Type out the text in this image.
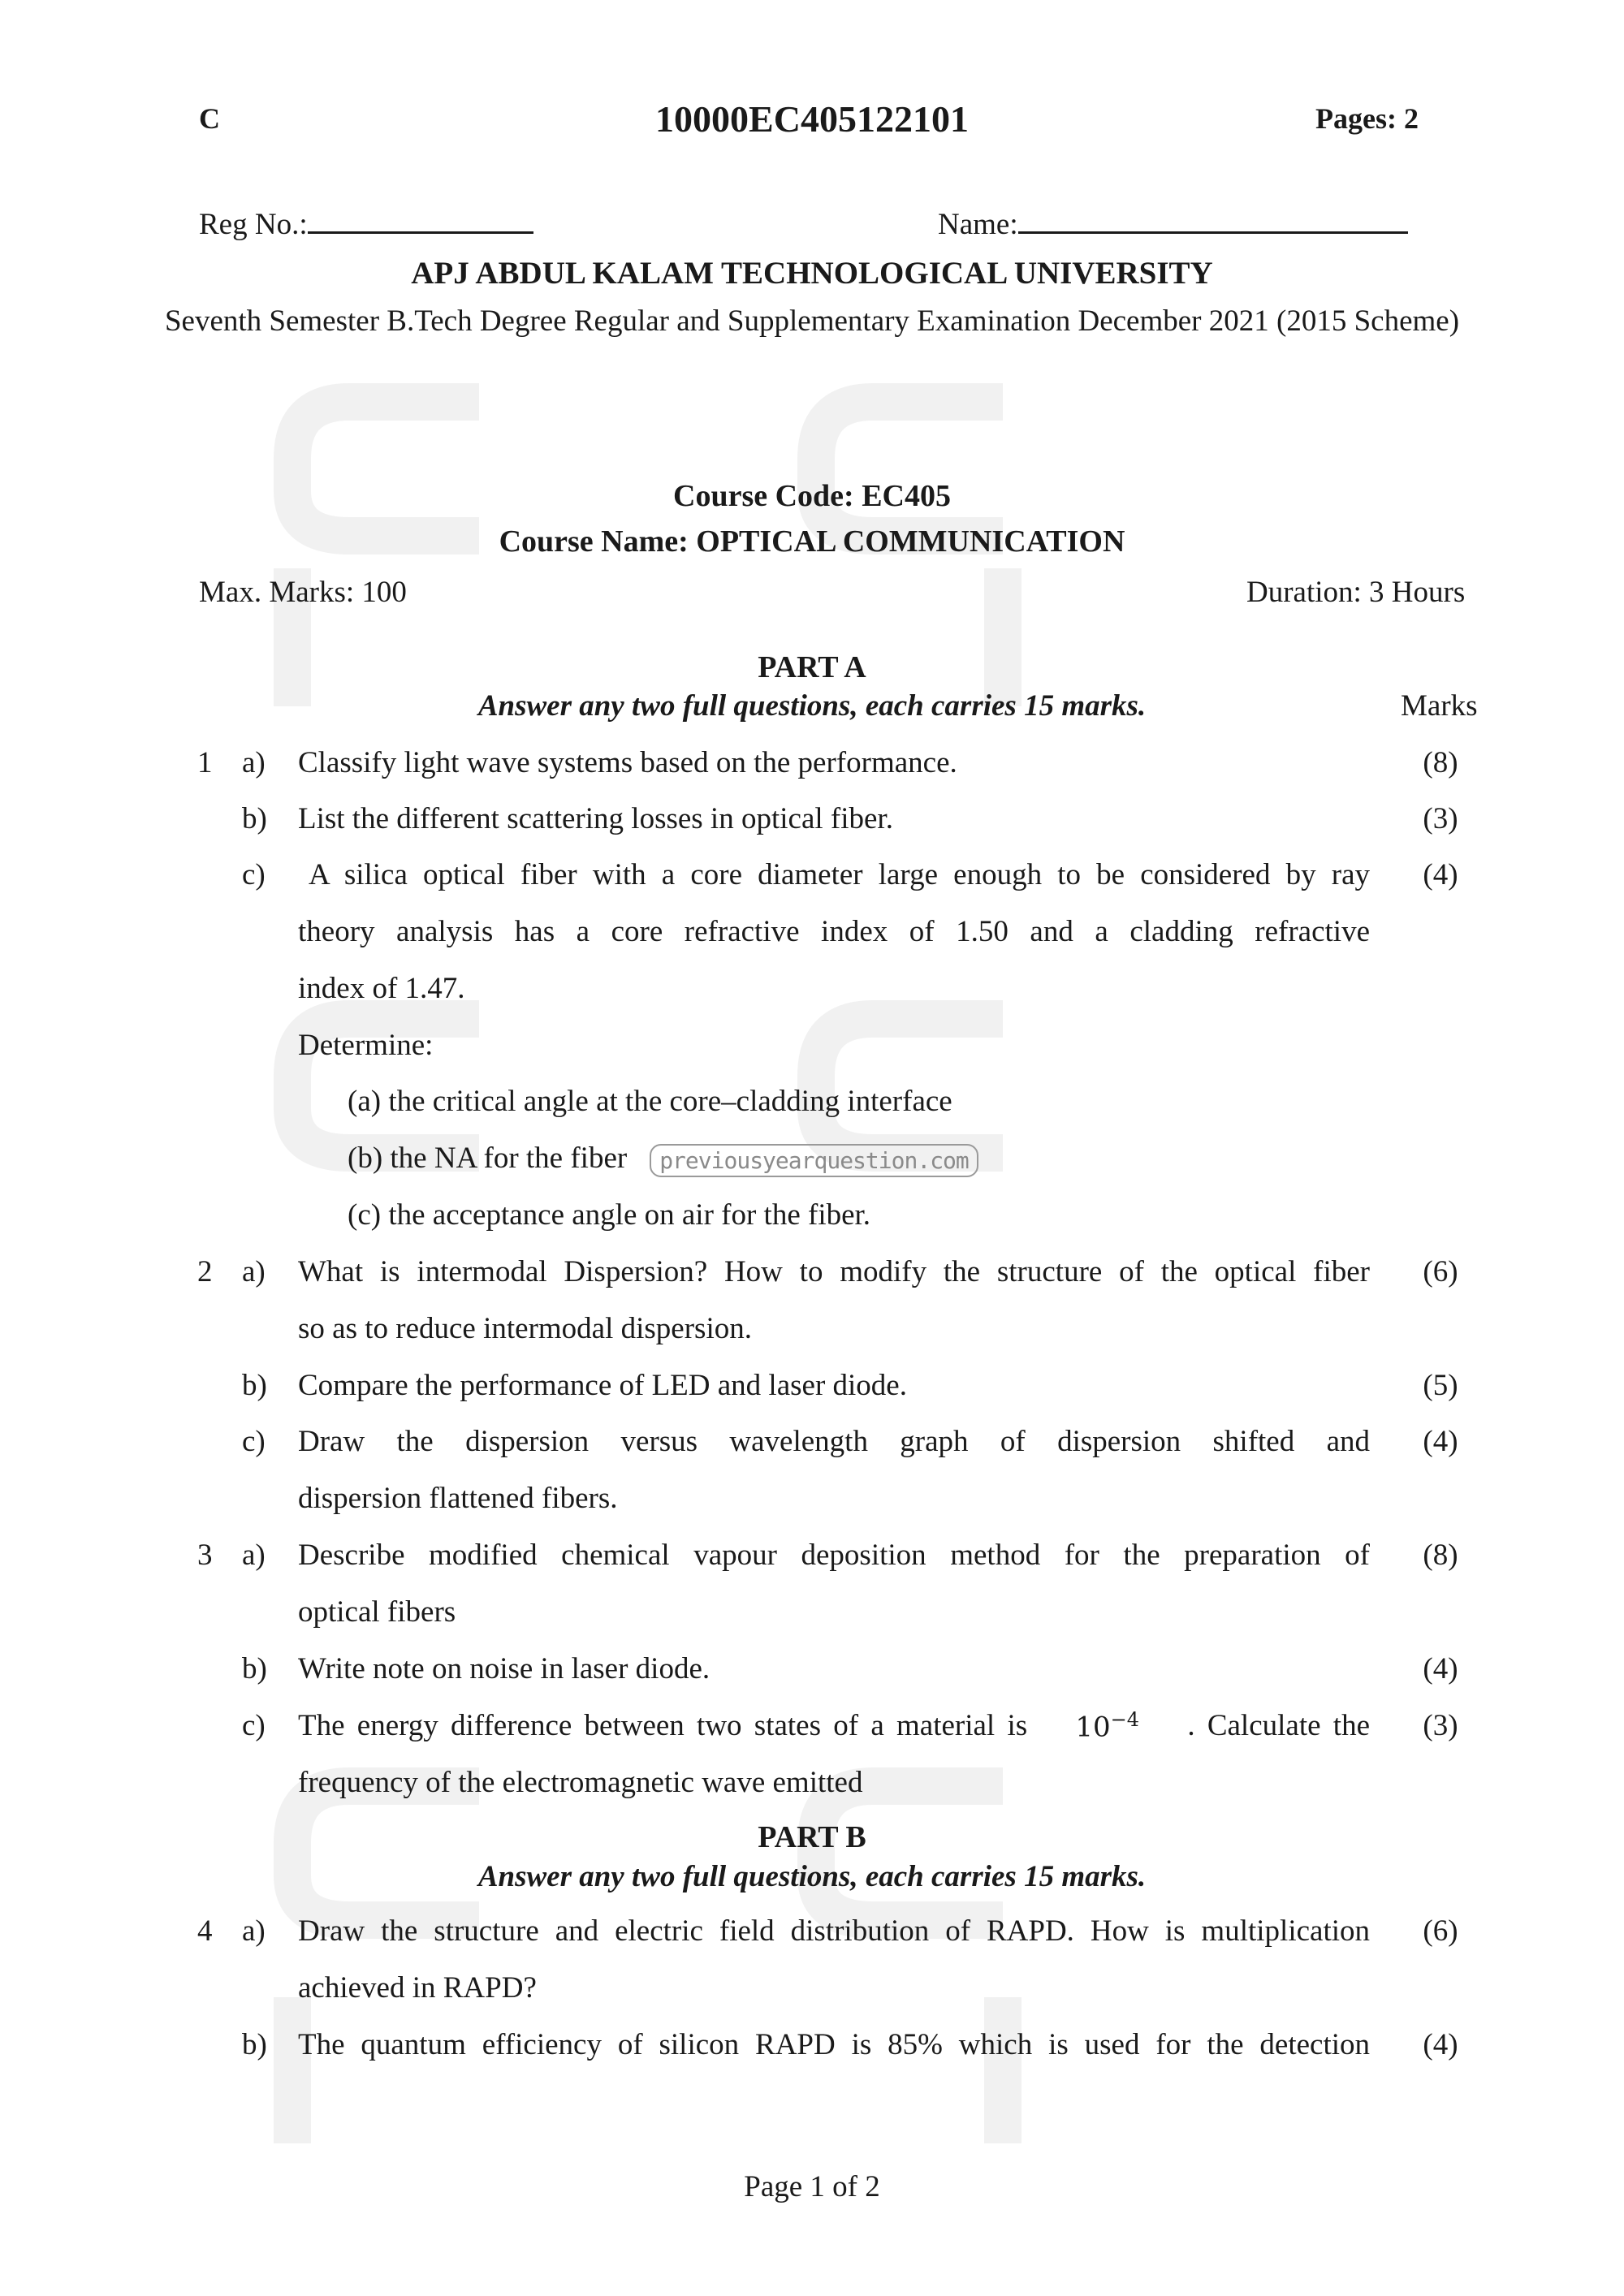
C	10000EC405122101	Pages: 2
Reg No.:	Name:
APJ ABDUL KALAM TECHNOLOGICAL UNIVERSITY
Seventh Semester B.Tech Degree Regular and Supplementary Examination December 2021 (2015 Scheme)
Course Code: EC405
Course Name: OPTICAL COMMUNICATION
Max. Marks: 100	Duration: 3 Hours
PART A
Answer any two full questions, each carries 15 marks.	Marks
1 a) Classify light wave systems based on the performance.	(8)
b) List the different scattering losses in optical fiber.	(3)
c) A silica optical fiber with a core diameter large enough to be considered by ray	(4)
theory analysis has a core refractive index of 1.50 and a cladding refractive
index of 1.47.
Determine:
(a) the critical angle at the core–cladding interface
(b) the NA for the fiber previousyearquestion.com
(c) the acceptance angle on air for the fiber.
2 a) What is intermodal Dispersion? How to modify the structure of the optical fiber	(6)
so as to reduce intermodal dispersion.
b) Compare the performance of LED and laser diode.	(5)
c) Draw the dispersion versus wavelength graph of dispersion shifted and	(4)
dispersion flattened fibers.
3 a) Describe modified chemical vapour deposition method for the preparation of	(8)
optical fibers
b) Write note on noise in laser diode.	(4)
c) The energy difference between two states of a material is $10^{-4}$ . Calculate the	(3)
frequency of the electromagnetic wave emitted
PART B
Answer any two full questions, each carries 15 marks.
4 a) Draw the structure and electric field distribution of RAPD. How is multiplication	(6)
achieved in RAPD?
b) The quantum efficiency of silicon RAPD is 85% which is used for the detection	(4)
Page 1 of 2
